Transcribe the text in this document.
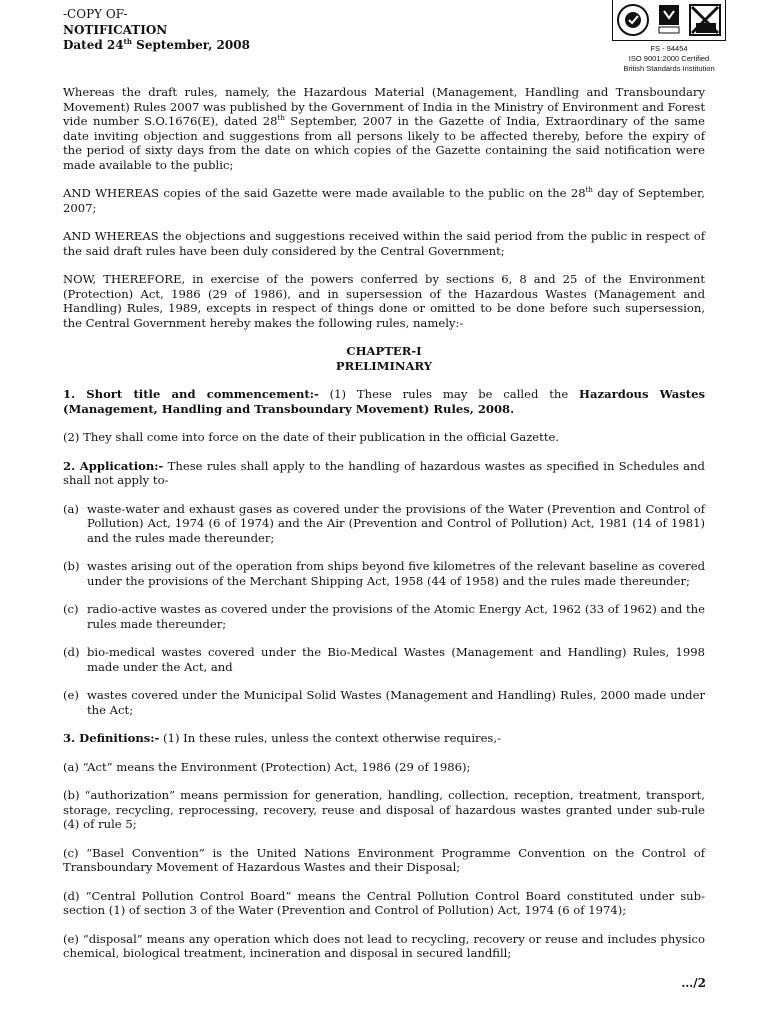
-COPY OF-
NOTIFICATION
Dated 24th September, 2008	FS - 94454
ISO 9001:2000 Certified
British Standards Institution

Whereas the draft rules, namely, the Hazardous Material (Management, Handling and Transboundary Movement) Rules 2007 was published by the Government of India in the Ministry of Environment and Forest vide number S.O.1676(E), dated 28th September, 2007 in the Gazette of India, Extraordinary of the same date inviting objection and suggestions from all persons likely to be affected thereby, before the expiry of the period of sixty days from the date on which copies of the Gazette containing the said notification were made available to the public;

AND WHEREAS copies of the said Gazette were made available to the public on the 28th day of September, 2007;

AND WHEREAS the objections and suggestions received within the said period from the public in respect of the said draft rules have been duly considered by the Central Government;

NOW, THEREFORE, in exercise of the powers conferred by sections 6, 8 and 25 of the Environment (Protection) Act, 1986 (29 of 1986), and in supersession of the Hazardous Wastes (Management and Handling) Rules, 1989, excepts in respect of things done or omitted to be done before such supersession, the Central Government hereby makes the following rules, namely:-

CHAPTER-I
PRELIMINARY

1. Short title and commencement:- (1) These rules may be called the Hazardous Wastes (Management, Handling and Transboundary Movement) Rules, 2008.

(2) They shall come into force on the date of their publication in the official Gazette.

2. Application:- These rules shall apply to the handling of hazardous wastes as specified in Schedules and shall not apply to-

(a) waste-water and exhaust gases as covered under the provisions of the Water (Prevention and Control of Pollution) Act, 1974 (6 of 1974) and the Air (Prevention and Control of Pollution) Act, 1981 (14 of 1981) and the rules made thereunder;
(b) wastes arising out of the operation from ships beyond five kilometres of the relevant baseline as covered under the provisions of the Merchant Shipping Act, 1958 (44 of 1958) and the rules made thereunder;
(c) radio-active wastes as covered under the provisions of the Atomic Energy Act, 1962 (33 of 1962) and the rules made thereunder;
(d) bio-medical wastes covered under the Bio-Medical Wastes (Management and Handling) Rules, 1998 made under the Act, and
(e) wastes covered under the Municipal Solid Wastes (Management and Handling) Rules, 2000 made under the Act;

3. Definitions:- (1) In these rules, unless the context otherwise requires,-

(a) “Act” means the Environment (Protection) Act, 1986 (29 of 1986);

(b) “authorization” means permission for generation, handling, collection, reception, treatment, transport, storage, recycling, reprocessing, recovery, reuse and disposal of hazardous wastes granted under sub-rule (4) of rule 5;

(c) “Basel Convention” is the United Nations Environment Programme Convention on the Control of Transboundary Movement of Hazardous Wastes and their Disposal;

(d) “Central Pollution Control Board” means the Central Pollution Control Board constituted under sub-section (1) of section 3 of the Water (Prevention and Control of Pollution) Act, 1974 (6 of 1974);

(e) “disposal” means any operation which does not lead to recycling, recovery or reuse and includes physico chemical, biological treatment, incineration and disposal in secured landfill;

…/2
